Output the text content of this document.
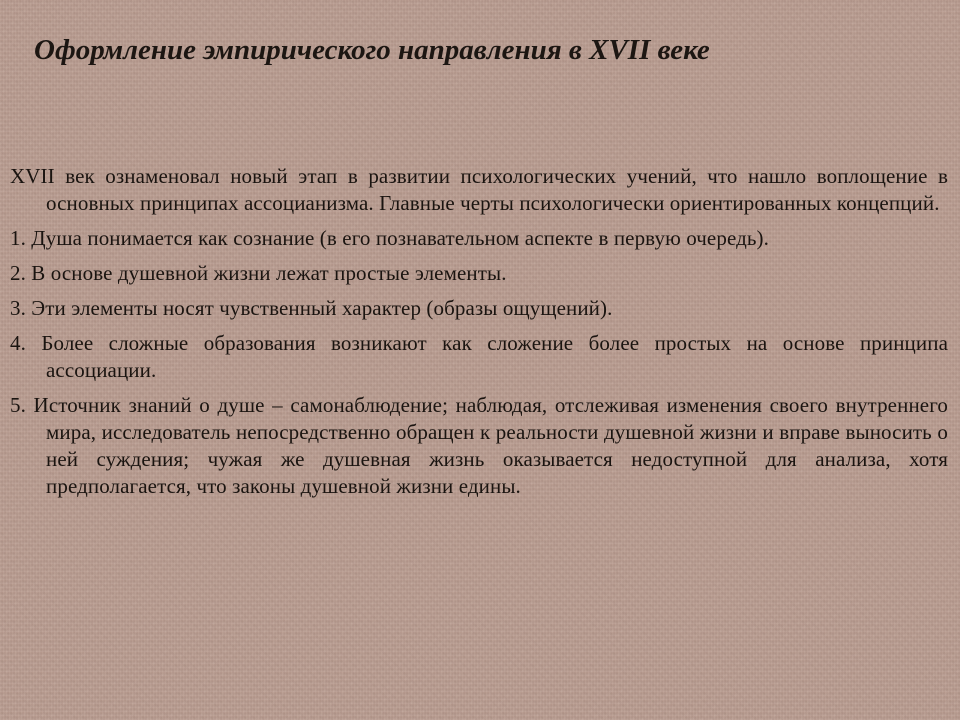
Оформление эмпирического направления в XVII веке

XVII век ознаменовал новый этап в развитии психологических учений, что нашло воплощение в основных принципах ассоцианизма. Главные черты психологически ориентированных концепций.

1. Душа понимается как сознание (в его познавательном аспекте в первую очередь).

2. В основе душевной жизни лежат простые элементы.

3. Эти элементы носят чувственный характер (образы ощущений).

4. Более сложные образования возникают как сложение более простых на основе принципа ассоциации.

5. Источник знаний о душе – самонаблюдение; наблюдая, отслеживая изменения своего внутреннего мира, исследователь непосредственно обращен к реальности душевной жизни и вправе выносить о ней суждения; чужая же душевная жизнь оказывается недоступной для анализа, хотя предполагается, что законы душевной жизни едины.
